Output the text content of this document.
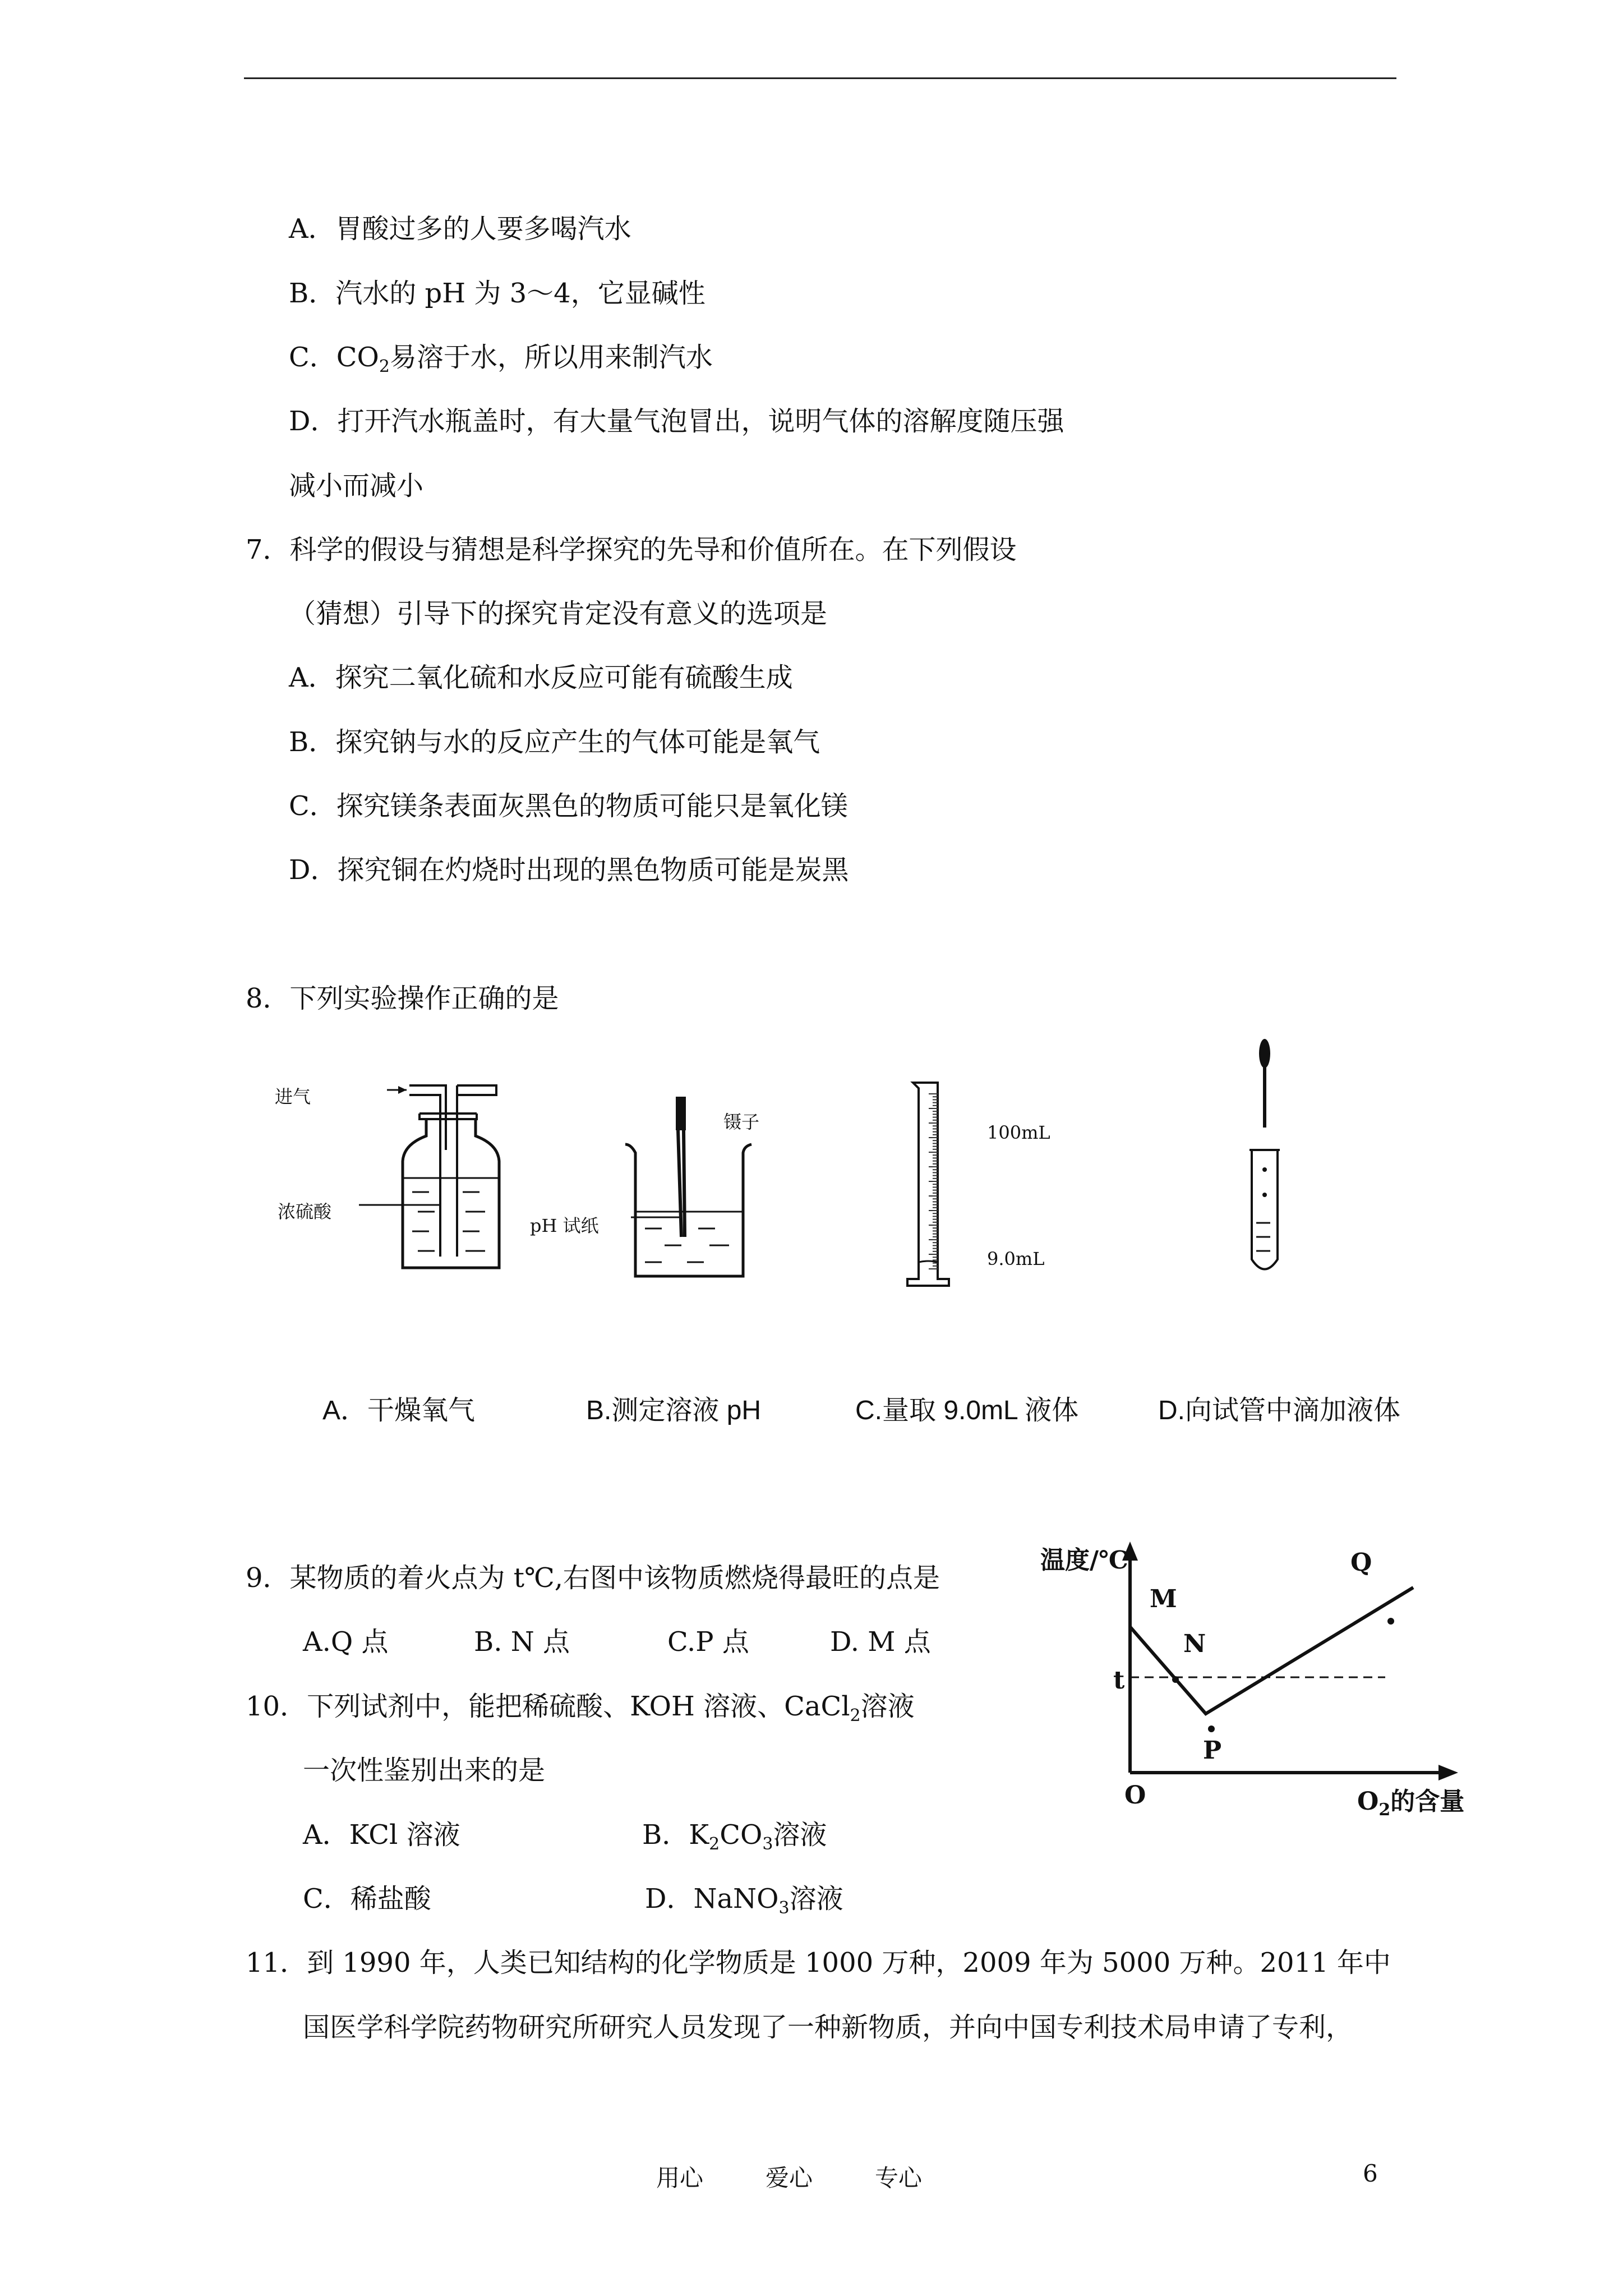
A．胃酸过多的人要多喝汽水
B．汽水的 pH 为 3～4，它显碱性
C．$CO_2$易溶于水，所以用来制汽水
D．打开汽水瓶盖时，有大量气泡冒出，说明气体的溶解度随压强
减小而减小
7．科学的假设与猜想是科学探究的先导和价值所在。在下列假设
（猜想）引导下的探究肯定没有意义的选项是
A．探究二氧化硫和水反应可能有硫酸生成
B．探究钠与水的反应产生的气体可能是氧气
C．探究镁条表面灰黑色的物质可能只是氧化镁
D．探究铜在灼烧时出现的黑色物质可能是炭黑
8．下列实验操作正确的是
进气
浓硫酸
镊子
pH 试纸
100mL
9.0mL
A．干燥氧气	B.测定溶液 pH	C.量取 9.0mL 液体	D.向试管中滴加液体
9．某物质的着火点为 t℃,右图中该物质燃烧得最旺的点是
A.Q 点	B. N 点	C.P 点	D. M 点
温度/℃	Q
M
N
t
P
O	$O_2$的含量
10．下列试剂中，能把稀硫酸、KOH 溶液、CaCl$_2$溶液
一次性鉴别出来的是
A．KCl 溶液	B．$K_2CO_3$溶液
C．稀盐酸	D．NaNO$_3$溶液
11．到 1990 年，人类已知结构的化学物质是 1000 万种，2009 年为 5000 万种。2011 年中
国医学科学院药物研究所研究人员发现了一种新物质，并向中国专利技术局申请了专利，
用心	爱心	专心	6
